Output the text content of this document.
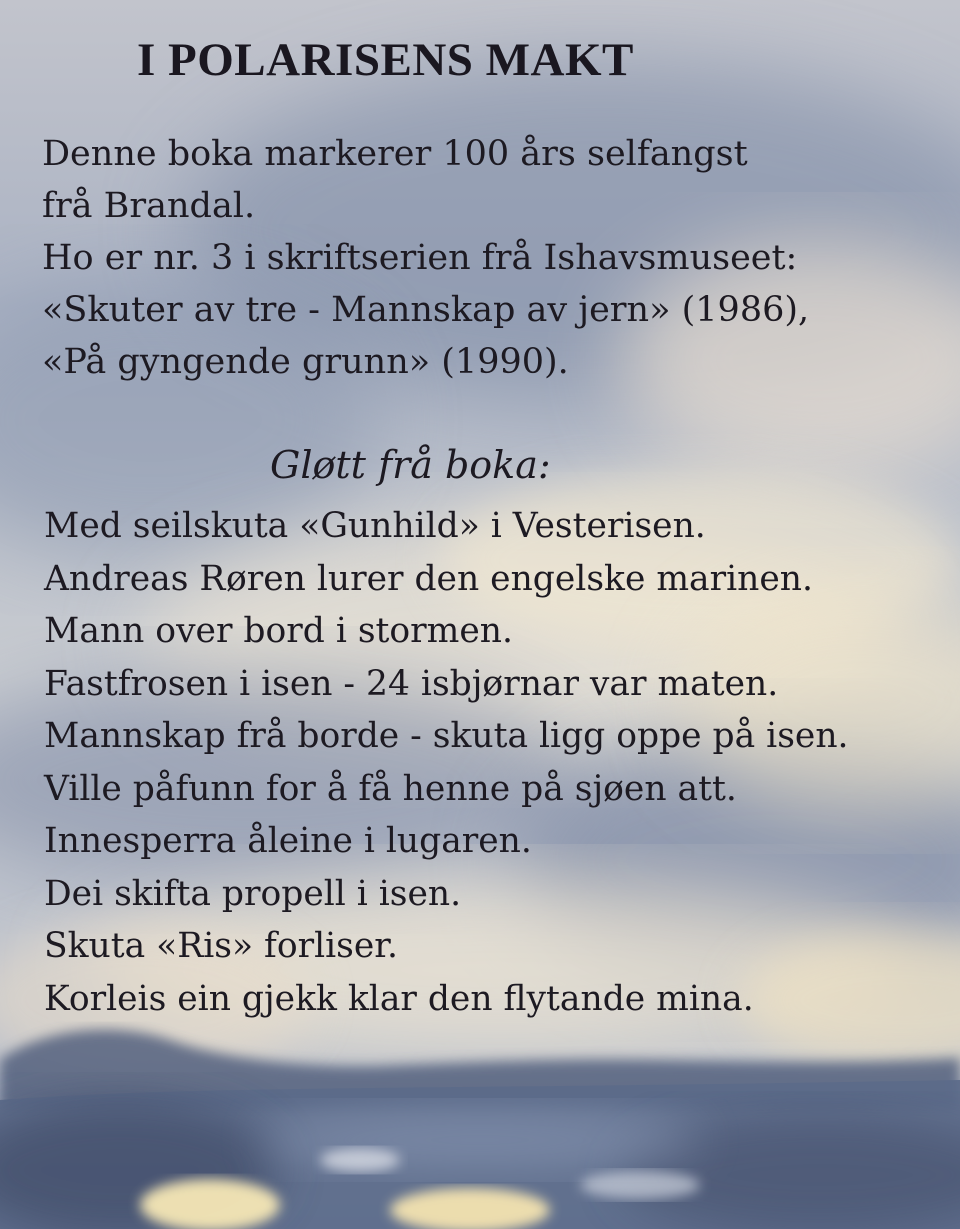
I POLARISENS MAKT
Denne boka markerer 100 års selfangst
frå Brandal.
Ho er nr. 3 i skriftserien frå Ishavsmuseet:
«Skuter av tre - Mannskap av jern» (1986),
«På gyngende grunn» (1990).
Gløtt frå boka:
Med seilskuta «Gunhild» i Vesterisen.
Andreas Røren lurer den engelske marinen.
Mann over bord i stormen.
Fastfrosen i isen - 24 isbjørnar var maten.
Mannskap frå borde - skuta ligg oppe på isen.
Ville påfunn for å få henne på sjøen att.
Innesperra åleine i lugaren.
Dei skifta propell i isen.
Skuta «Ris» forliser.
Korleis ein gjekk klar den flytande mina.
